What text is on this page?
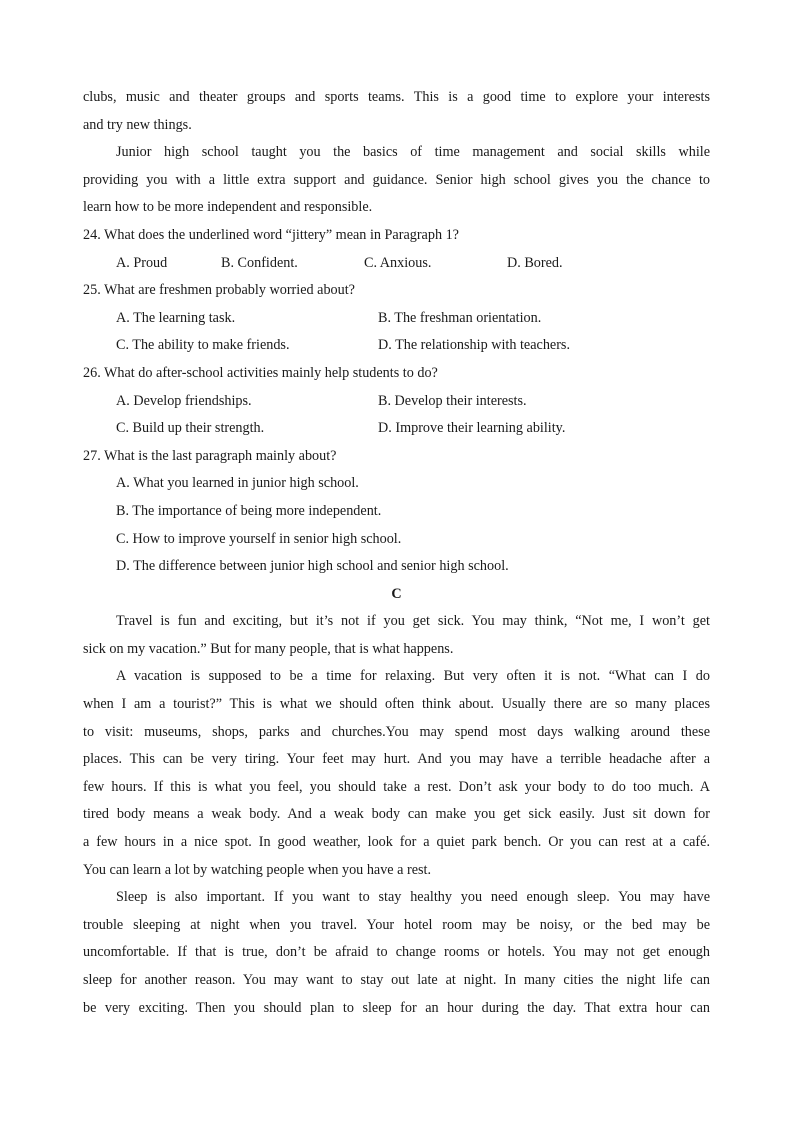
clubs, music and theater groups and sports teams. This is a good time to explore your interests
and try new things.
Junior high school taught you the basics of time management and social skills while
providing you with a little extra support and guidance. Senior high school gives you the chance to
learn how to be more independent and responsible.
24. What does the underlined word “jittery” mean in Paragraph 1?
A. Proud	B. Confident.	C. Anxious.	D. Bored.
25. What are freshmen probably worried about?
A. The learning task.	B. The freshman orientation.
C. The ability to make friends.	D. The relationship with teachers.
26. What do after-school activities mainly help students to do?
A. Develop friendships.	B. Develop their interests.
C. Build up their strength.	D. Improve their learning ability.
27. What is the last paragraph mainly about?
A. What you learned in junior high school.
B. The importance of being more independent.
C. How to improve yourself in senior high school.
D. The difference between junior high school and senior high school.
C
Travel is fun and exciting, but it’s not if you get sick. You may think, “Not me, I won’t get
sick on my vacation.” But for many people, that is what happens.
A vacation is supposed to be a time for relaxing. But very often it is not. “What can I do
when I am a tourist?” This is what we should often think about. Usually there are so many places
to visit: museums, shops, parks and churches.You may spend most days walking around these
places. This can be very tiring. Your feet may hurt. And you may have a terrible headache after a
few hours. If this is what you feel, you should take a rest. Don’t ask your body to do too much. A
tired body means a weak body. And a weak body can make you get sick easily. Just sit down for
a few hours in a nice spot. In good weather, look for a quiet park bench. Or you can rest at a café.
You can learn a lot by watching people when you have a rest.
Sleep is also important. If you want to stay healthy you need enough sleep. You may have
trouble sleeping at night when you travel. Your hotel room may be noisy, or the bed may be
uncomfortable. If that is true, don’t be afraid to change rooms or hotels. You may not get enough
sleep for another reason. You may want to stay out late at night. In many cities the night life can
be very exciting. Then you should plan to sleep for an hour during the day. That extra hour can
